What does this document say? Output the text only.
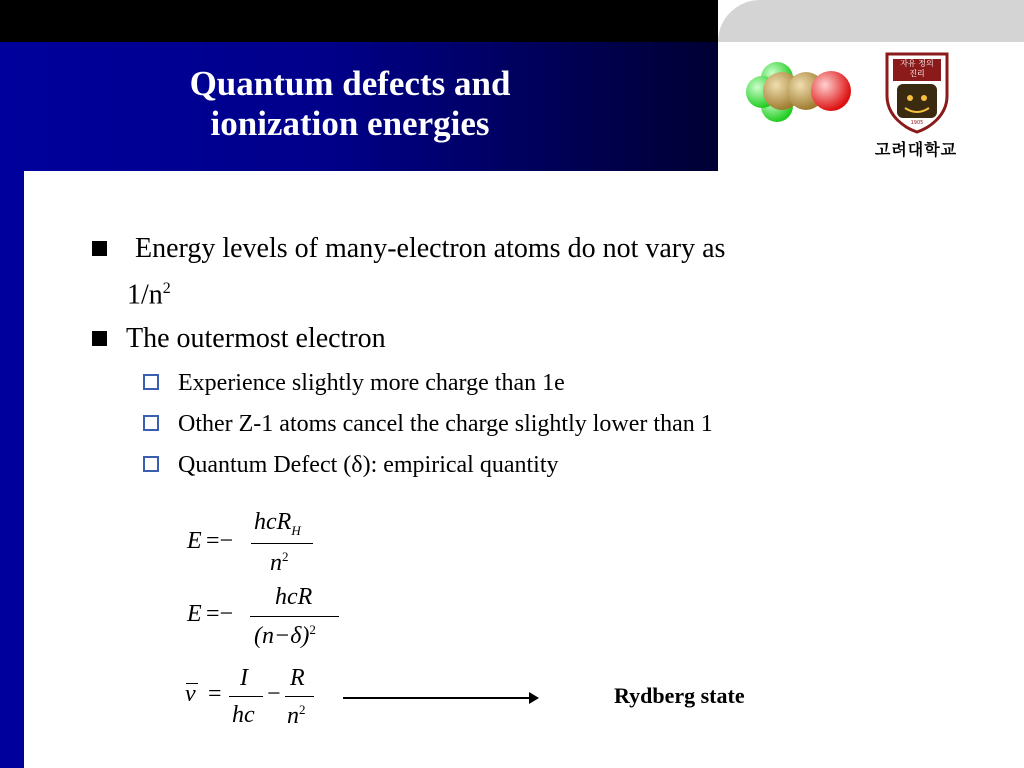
Quantum defects and
ionization energies
자유 정의
진리
1905
고려대학교
Energy levels of many-electron atoms do not vary as
$1/n^2$
The outermost electron
Experience slightly more charge than 1e
Other Z-1 atoms cancel the charge slightly lower than 1
Quantum Defect (δ): empirical quantity
E =−
hcR$_H$
$n^2$
E =−
hcR
$(n-\delta)^2$
ν =
I
hc
−
R
$n^2$
Rydberg state
